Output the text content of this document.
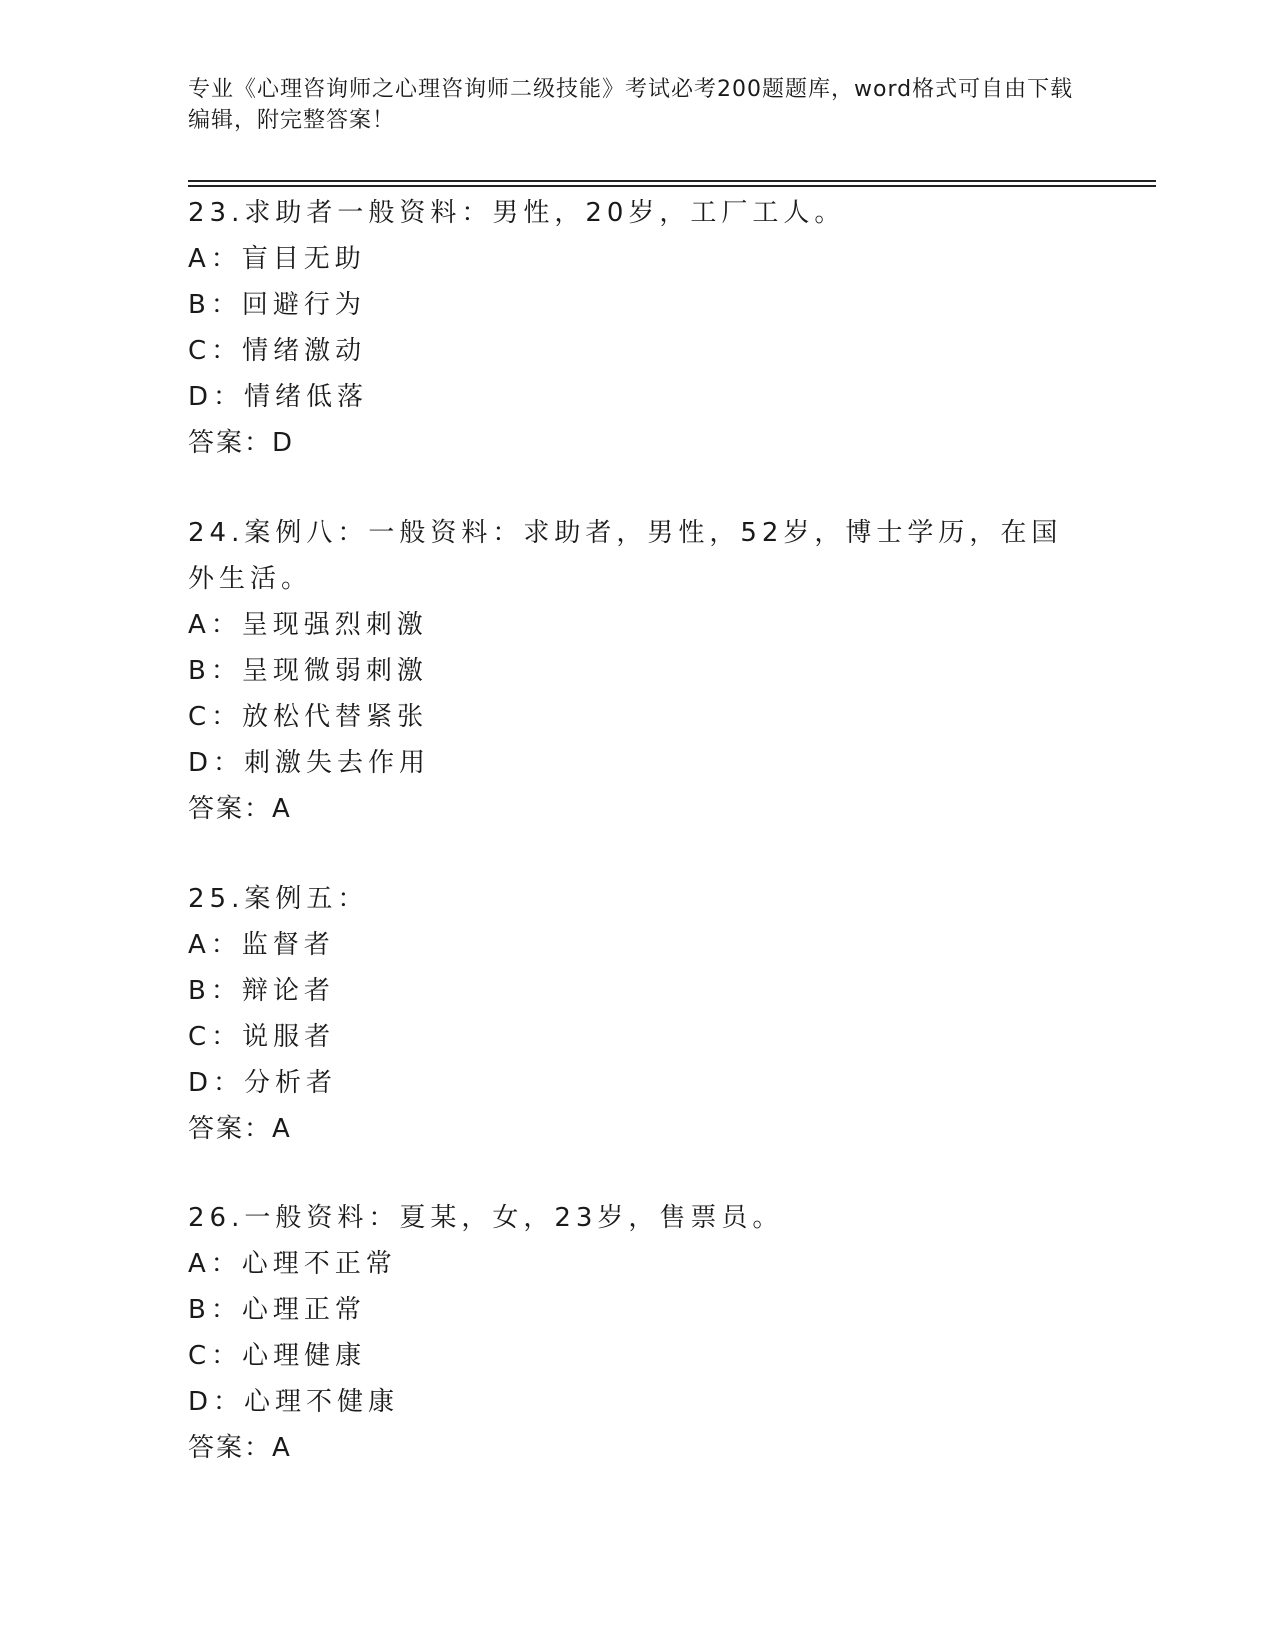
专业《心理咨询师之心理咨询师二级技能》考试必考200题题库，word格式可自由下载编辑，附完整答案！
23.求助者一般资料：男性，20岁，工厂工人。
A：盲目无助
B：回避行为
C：情绪激动
D：情绪低落
答案：D
24.案例八：一般资料：求助者，男性，52岁，博士学历，在国外生活。
A：呈现强烈刺激
B：呈现微弱刺激
C：放松代替紧张
D：刺激失去作用
答案：A
25.案例五：
A：监督者
B：辩论者
C：说服者
D：分析者
答案：A
26.一般资料：夏某，女，23岁，售票员。
A：心理不正常
B：心理正常
C：心理健康
D：心理不健康
答案：A
